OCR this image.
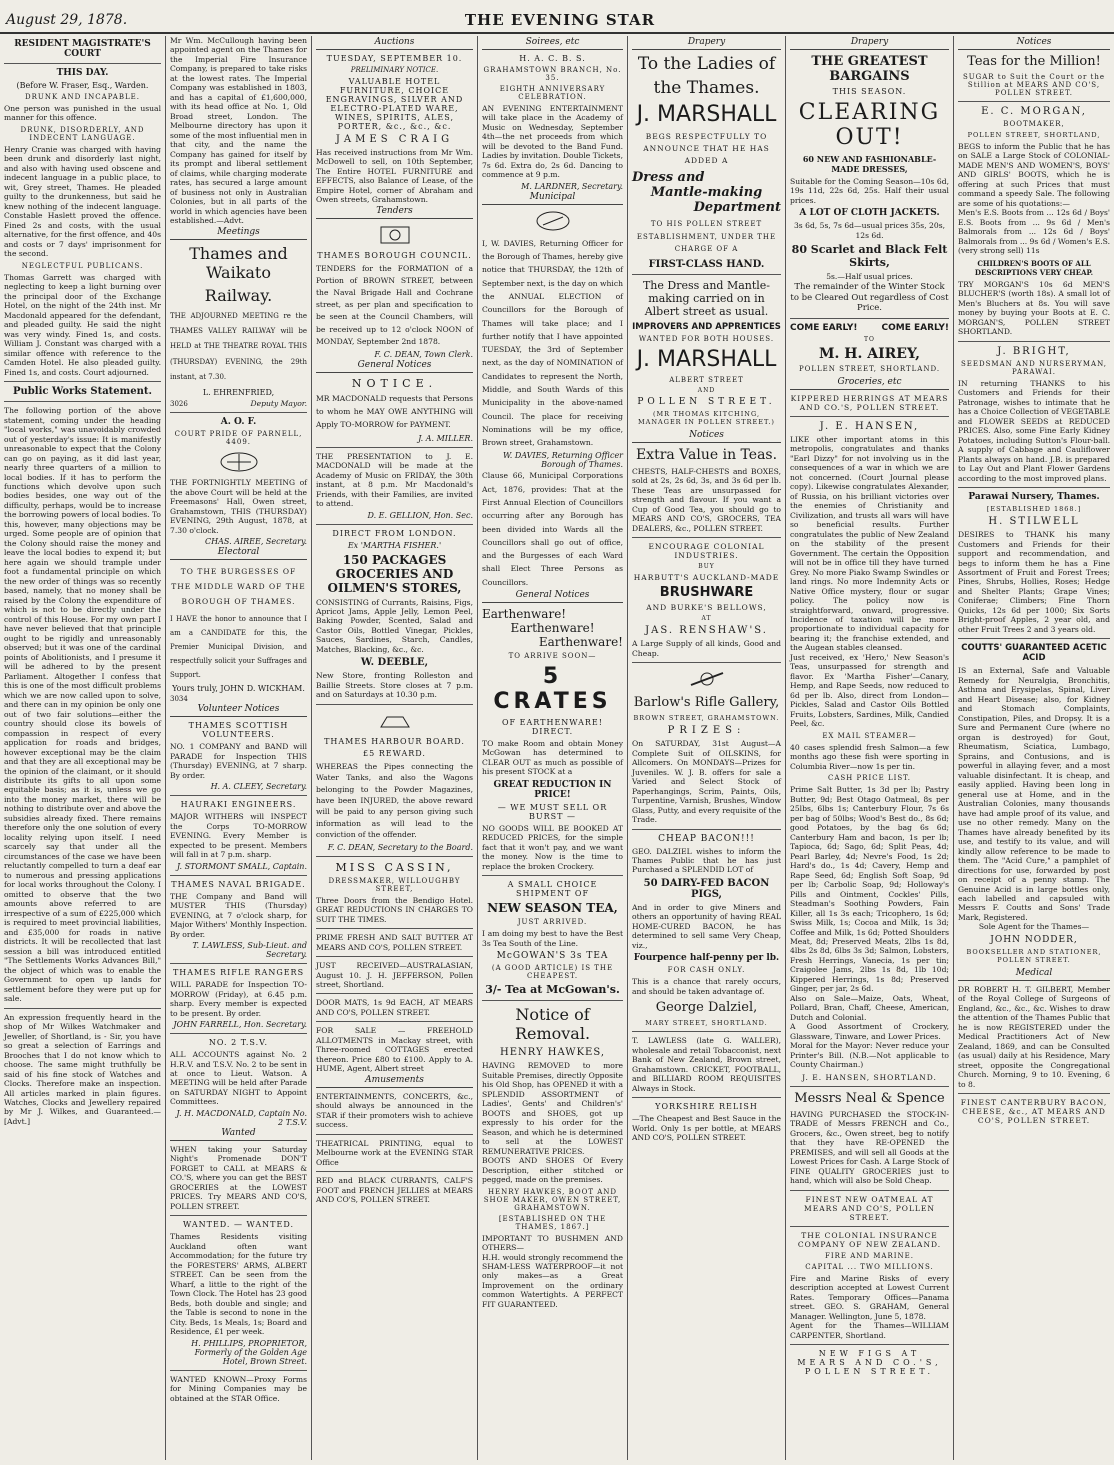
August 29, 1878.	THE EVENING STAR
RESIDENT MAGISTRATE'S COURT
THIS DAY.
(Before W. Fraser, Esq., Warden.
DRUNK AND INCAPABLE.
One person was punished in the usual manner for this offence.
DRUNK, DISORDERLY, AND INDECENT LANGUAGE.
Henry Cranie was charged with having been drunk and disorderly last night, and also with having used obscene and indecent language in a public place, to wit, Grey street, Thames. He pleaded guilty to the drunkenness, but said he knew nothing of the indecent language. Constable Haslett proved the offence. Fined 2s and costs, with the usual alternative, for the first offence, and 40s and costs or 7 days' imprisonment for the second.
NEGLECTFUL PUBLICANS.
Thomas Garrett was charged with neglecting to keep a light burning over the principal door of the Exchange Hotel, on the night of the 24th inst. Mr Macdonald appeared for the defendant, and pleaded guilty. He said the night was very windy. Fined 1s, and costs. William J. Constant was charged with a similar offence with reference to the Camden Hotel. He also pleaded guilty. Fined 1s, and costs. Court adjourned.
Public Works Statement.
The following portion of the above statement, coming under the heading "local works," was unavoidably crowded out of yesterday's issue: It is manifestly unreasonable to expect that the Colony can go on paying, as it did last year, nearly three quarters of a million to local bodies. If it has to perform the functions which devolve upon such bodies besides, one way out of the difficulty, perhaps, would be to increase the borrowing powers of local bodies. To this, however, many objections may be urged. Some people are of opinion that the Colony should raise the money and leave the local bodies to expend it; but here again we should trample under foot a fundamental principle on which the new order of things was so recently based, namely, that no money shall be raised by the Colony the expenditure of which is not to be directly under the control of this House. For my own part I have never believed that that principle ought to be rigidly and unreasonably observed; but it was one of the cardinal points of Abolitionists, and I presume it will be adhered to by the present Parliament. Altogether I confess that this is one of the most difficult problems which we are now called upon to solve, and there can in my opinion be only one out of two fair solutions—either the country should close its bowels of compassion in respect of every application for roads and bridges, however exceptional may be the claim and that they are all exceptional may be the opinion of the claimant, or it should distribute its gifts to all upon some equitable basis; as it is, unless we go into the money market, there will be nothing to distribute over and above the subsidies already fixed. There remains therefore only the one solution of every locality relying upon itself. I need scarcely say that under all the circumstances of the case we have been reluctantly compelled to turn a deaf ear to numerous and pressing applications for local works throughout the Colony. I omitted to observe that the two amounts above referred to are irrespective of a sum of £225,000 which is required to meet provincial liabilities, and £35,000 for roads in native districts. It will be recollected that last session a bill was introduced entitled "The Settlements Works Advances Bill," the object of which was to enable the Government to open up lands for settlement before they were put up for sale.
An expression frequently heard in the shop of Mr Wilkes Watchmaker and Jeweller, of Shortland, is - Sir, you have so great a selection of Earrings and Brooches that I do not know which to choose. The same might truthfully be said of his fine stock of Watches and Clocks. Therefore make an inspection. All articles marked in plain figures. Watches, Clocks and Jewellery repaired by Mr J. Wilkes, and Guaranteed.—[Advt.]
Mr Wm. McCullough having been appointed agent on the Thames for the Imperial Fire Insurance Company, is prepared to take risks at the lowest rates. The Imperial Company was established in 1803, and has a capital of £1,600,000, with its head office at No. 1, Old Broad street, London. The Melbourne directory has upon it some of the most influential men in that city, and the name the Company has gained for itself by its prompt and liberal settlement of claims, while charging moderate rates, has secured a large amount of business not only in Australian Colonies, but in all parts of the world in which agencies have been established.—Advt.
Meetings
Thames and Waikato
Railway.
THE ADJOURNED MEETING re the THAMES VALLEY RAILWAY will be HELD at THE THEATRE ROYAL THIS (THURSDAY) EVENING, the 29th instant, at 7.30.
L. EHRENFRIED,
3026	Deputy Mayor.
A. O. F.
COURT PRIDE OF PARNELL, 4409.
THE FORTNIGHTLY MEETING of the above Court will be held at the Freemasons' Hall, Owen street, Grahamstown, THIS (THURSDAY) EVENING, 29th August, 1878, at 7.30 o'clock.
CHAS. AIREE, Secretary.
Electoral
TO THE BURGESSES OF THE MIDDLE WARD OF THE BOROUGH OF THAMES.
I HAVE the honor to announce that I am a CANDIDATE for this, the Premier Municipal Division, and respectfully solicit your Suffrages and Support.
Yours truly, JOHN D. WICKHAM.
3034
Volunteer Notices
THAMES SCOTTISH VOLUNTEERS.
NO. 1 COMPANY and BAND will PARADE for Inspection THIS (Thursday) EVENING, at 7 sharp. By order.
H. A. CLEEY, Secretary.
HAURAKI ENGINEERS.
MAJOR WITHERS will INSPECT the Corps TO-MORROW EVENING. Every Member is expected to be present. Members will fall in at 7 p.m. sharp.
J. STORMONT SMALL, Captain.
THAMES NAVAL BRIGADE.
THE Company and Band will MUSTER THIS (Thursday) EVENING, at 7 o'clock sharp, for Major Withers' Monthly Inspection. By order.
T. LAWLESS, Sub-Lieut. and Secretary.
THAMES RIFLE RANGERS
WILL PARADE for Inspection TO-MORROW (Friday), at 6.45 p.m. sharp. Every member is expected to be present. By order.
JOHN FARRELL, Hon. Secretary.
NO. 2 T.S.V.
ALL ACCOUNTS against No. 2 H.R.V. and T.S.V. No. 2 to be sent in at once to Lieut. Watson. A MEETING will be held after Parade on SATURDAY NIGHT to Appoint Committees.
J. H. MACDONALD, Captain No. 2 T.S.V.
Wanted
WHEN taking your Saturday Night's Promenade DON'T FORGET to CALL at MEARS & CO.'S, where you can get the BEST GROCERIES at the LOWEST PRICES. Try MEARS AND CO'S, POLLEN STREET.
WANTED. — WANTED.
Thames Residents visiting Auckland often want Accommodation; for the future try the FORESTERS' ARMS, ALBERT STREET. Can be seen from the Wharf, a little to the right of the Town Clock. The Hotel has 23 good Beds, both double and single; and the Table is second to none in the City. Beds, 1s Meals, 1s; Board and Residence, £1 per week.
H. PHILLIPS, PROPRIETOR, Formerly of the Golden Age Hotel, Brown Street.
WANTED KNOWN—Proxy Forms for Mining Companies may be obtained at the STAR Office.
Auctions
TUESDAY, SEPTEMBER 10.
PRELIMINARY NOTICE.
VALUABLE HOTEL FURNITURE, CHOICE ENGRAVINGS, SILVER AND ELECTRO-PLATED WARE, WINES, SPIRITS, ALES, PORTER, &c., &c., &c.
JAMES CRAIG
Has received instructions from Mr Wm. McDowell to sell, on 10th September, The Entire HOTEL FURNITURE and EFFECTS, also Balance of Lease, of the Empire Hotel, corner of Abraham and Owen streets, Grahamstown.
Tenders
THAMES BOROUGH COUNCIL.
TENDERS for the FORMATION of a Portion of BROWN STREET, between the Naval Brigade Hall and Cochrane street, as per plan and specification to be seen at the Council Chambers, will be received up to 12 o'clock NOON of MONDAY, September 2nd 1878.
F. C. DEAN, Town Clerk.
General Notices
NOTICE.
MR MACDONALD requests that Persons to whom he MAY OWE ANYTHING will Apply TO-MORROW for PAYMENT.
J. A. MILLER.
THE PRESENTATION to J. E. MACDONALD will be made at the Academy of Music on FRIDAY, the 30th instant, at 8 p.m. Mr Macdonald's Friends, with their Families, are invited to attend.
D. E. GELLION, Hon. Sec.
DIRECT FROM LONDON.
Ex 'MARTHA FISHER.'
150 PACKAGES GROCERIES AND OILMEN'S STORES,
CONSISTING of Currants, Raisins, Figs, Apricot Jams, Apple Jelly, Lemon Peel, Baking Powder, Scented, Salad and Castor Oils, Bottled Vinegar, Pickles, Sauces, Sardines, Starch, Candles, Matches, Blacking, &c., &c.
W. DEEBLE,
New Store, fronting Rolleston and Baillie Streets. Store closes at 7 p.m. and on Saturdays at 10.30 p.m.
THAMES HARBOUR BOARD.
£5 REWARD.
WHEREAS the Pipes connecting the Water Tanks, and also the Wagons belonging to the Powder Magazines, have been INJURED, the above reward will be paid to any person giving such information as will lead to the conviction of the offender.
F. C. DEAN, Secretary to the Board.
MISS CASSIN,
DRESSMAKER, WILLOUGHBY STREET,
Three Doors from the Bendigo Hotel. GREAT REDUCTIONS IN CHARGES TO SUIT THE TIMES.
PRIME FRESH AND SALT BUTTER AT MEARS AND CO'S, POLLEN STREET.
JUST RECEIVED—AUSTRALASIAN, August 10. J. H. JEFFERSON, Pollen street, Shortland.
DOOR MATS, 1s 9d EACH, AT MEARS AND CO'S, POLLEN STREET.
FOR SALE — FREEHOLD ALLOTMENTS in Mackay street, with Three-roomed COTTAGES erected thereon. Price £80 to £100. Apply to A. HUME, Agent, Albert street
Amusements
ENTERTAINMENTS, CONCERTS, &c., should always be announced in the STAR if their promoters wish to achieve success.
THEATRICAL PRINTING, equal to Melbourne work at the EVENING STAR Office
RED and BLACK CURRANTS, CALF'S FOOT and FRENCH JELLIES at MEARS AND CO'S, POLLEN STREET.
Soirees, etc
H. A. C. B. S.
GRAHAMSTOWN BRANCH, No. 35.
EIGHTH ANNIVERSARY CELEBRATION.
AN EVENING ENTERTAINMENT will take place in the Academy of Music on Wednesday, September 4th—the net proceeds from which will be devoted to the Band Fund. Ladies by invitation. Double Tickets, 7s 6d. Extra do, 2s 6d. Dancing to commence at 9 p.m.
M. LARDNER, Secretary.
Municipal
I, W. DAVIES, Returning Officer for the Borough of Thames, hereby give notice that THURSDAY, the 12th of September next, is the day on which the ANNUAL ELECTION of Councillors for the Borough of Thames will take place; and I further notify that I have appointed TUESDAY, the 3rd of September next, as the day of NOMINATION of Candidates to represent the North, Middle, and South Wards of this Municipality in the above-named Council. The place for receiving Nominations will be my office, Brown street, Grahamstown.
W. DAVIES, Returning Officer Borough of Thames.
Clause 66, Municipal Corporations Act, 1876, provides: That at the First Annual Election of Councillors occurring after any Borough has been divided into Wards all the Councillors shall go out of office, and the Burgesses of each Ward shall Elect Three Persons as Councillors.
General Notices
Earthenware!
Earthenware!
Earthenware!
TO ARRIVE SOON—
5 CRATES
OF EARTHENWARE! DIRECT.
TO make Room and obtain Money McGowan has determined to CLEAR OUT as much as possible of his present STOCK at a
GREAT REDUCTION IN PRICE!
— WE MUST SELL OR BURST —
NO GOODS WILL BE BOOKED AT REDUCED PRICES, for the simple fact that it won't pay, and we want the money. Now is the time to replace the broken Crockery.
A SMALL CHOICE SHIPMENT OF
NEW SEASON TEA,
JUST ARRIVED.
I am doing my best to have the Best 3s Tea South of the Line.
McGOWAN'S 3s TEA
(A GOOD ARTICLE) IS THE CHEAPEST.
3/- Tea at McGowan's.
Notice of Removal.
HENRY HAWKES,
HAVING REMOVED to more Suitable Premises, directly Opposite his Old Shop, has OPENED it with a SPLENDID ASSORTMENT of Ladies', Gents' and Children's' BOOTS and SHOES, got up expressly to his order for the Season, and which he is determined to sell at the LOWEST REMUNERATIVE PRICES.
BOOTS AND SHOES Of Every Description, either stitched or pegged, made on the premises.
HENRY HAWKES, BOOT AND SHOE MAKER, OWEN STREET, GRAHAMSTOWN.
[ESTABLISHED ON THE THAMES, 1867.]
IMPORTANT TO BUSHMEN AND OTHERS—
H.H. would strongly recommend the SHAM-LESS WATERPROOF—it not only makes—as a Great Improvement on the ordinary common Watertights. A PERFECT FIT GUARANTEED.
Drapery
To the Ladies of
the Thames.
J. MARSHALL
BEGS RESPECTFULLY TO ANNOUNCE THAT HE HAS ADDED A
Dress and
Mantle-making
Department
TO HIS POLLEN STREET ESTABLISHMENT, UNDER THE CHARGE OF A
FIRST-CLASS HAND.
The Dress and Mantle-making carried on in Albert street as usual.
IMPROVERS AND APPRENTICES
WANTED FOR BOTH HOUSES.
J. MARSHALL
ALBERT STREET
AND
POLLEN STREET.
(MR THOMAS KITCHING, MANAGER IN POLLEN STREET.)
Notices
Extra Value in Teas.
CHESTS, HALF-CHESTS and BOXES, sold at 2s, 2s 6d, 3s, and 3s 6d per lb. These Teas are unsurpassed for strength and flavour. If you want a Cup of Good Tea, you should go to MEARS AND CO'S, GROCERS, TEA DEALERS, &c., POLLEN STREET.
ENCOURAGE COLONIAL INDUSTRIES.
BUY
HARBUTT'S AUCKLAND-MADE
BRUSHWARE
AND BURKE'S BELLOWS,
AT
JAS. RENSHAW'S.
A Large Supply of all kinds, Good and Cheap.
Barlow's Rifle Gallery,
BROWN STREET, GRAHAMSTOWN.
PRIZES:
On SATURDAY, 31st August—A Complete Suit of OILSKINS, for Allcomers. On MONDAYS—Prizes for Juveniles. W. J. B. offers for sale a Varied and Select Stock of Paperhangings, Scrim, Paints, Oils, Turpentine, Varnish, Brushes, Window Glass, Putty, and every requisite of the Trade.
CHEAP BACON!!!
GEO. DALZIEL wishes to inform the Thames Public that he has just Purchased a SPLENDID LOT of
50 DAIRY-FED BACON PIGS,
And in order to give Miners and others an opportunity of having REAL HOME-CURED BACON, he has determined to sell same Very Cheap, viz.,
Fourpence half-penny per lb.
FOR CASH ONLY.
This is a chance that rarely occurs, and should be taken advantage of.
George Dalziel,
MARY STREET, SHORTLAND.
T. LAWLESS (late G. WALLER), wholesale and retail Tobacconist, next Bank of New Zealand, Brown street, Grahamstown. CRICKET, FOOTBALL, and BILLIARD ROOM REQUISITES Always in Stock.
YORKSHIRE RELISH
—The Cheapest and Best Sauce in the World. Only 1s per bottle, at MEARS AND CO'S, POLLEN STREET.
Drapery
THE GREATEST BARGAINS
THIS SEASON.
CLEARING OUT!
60 NEW AND FASHIONABLE-MADE DRESSES,
Suitable for the Coming Season—10s 6d, 19s 11d, 22s 6d, 25s. Half their usual prices.
A LOT OF CLOTH JACKETS.
3s 6d, 5s, 7s 6d—usual prices 35s, 20s, 12s 6d.
80 Scarlet and Black Felt Skirts,
5s.—Half usual prices.
The remainder of the Winter Stock to be Cleared Out regardless of Cost Price.
COME EARLY!	COME EARLY!
TO
M. H. AIREY,
POLLEN STREET, SHORTLAND.
Groceries, etc
KIPPERED HERRINGS AT MEARS AND CO.'S, POLLEN STREET.
J. E. HANSEN,
LIKE other important atoms in this metropolis, congratulates and thanks "Earl Dizzy" for not involving us in the consequences of a war in which we are not concerned. (Court Journal please copy). Likewise congratulates Alexander, of Russia, on his brilliant victories over the enemies of Christianity and Civilization, and trusts all wars will have so beneficial results. Further congratulates the public of New Zealand on the stability of the present Government. The certain the Opposition will not be in office till they have turned Grey. No more Piako Swamp Swindles or land rings. No more Indemnity Acts or Native Office mystery, flour or sugar policy. The policy now is straightforward, onward, progressive. Incidence of taxation will be more proportionate to individual capacity for bearing it; the franchise extended, and the Augean stables cleansed.
Just received, ex 'Hero,' New Season's Teas, unsurpassed for strength and flavor. Ex 'Martha Fisher'—Canary, Hemp, and Rape Seeds, now reduced to 6d per lb. Also, direct from London—Pickles, Salad and Castor Oils Bottled Fruits, Lobsters, Sardines, Milk, Candied Peel, &c.
EX MAIL STEAMER—
40 cases splendid fresh Salmon—a few months ago these fish were sporting in Columbia River—now 1s per tin.
CASH PRICE LIST.
Prime Salt Butter, 1s 3d per lb; Pastry Butter, 9d; Best Otago Oatmeal, 8s per 25lbs, 6lbs 1s; Canterbury Flour, 7s 6s per bag of 50lbs; Wood's Best do., 8s 6d; good Potatoes, by the bag 6s 6d; Canterbury Ham and bacon, 1s per lb; Tapioca, 6d; Sago, 6d; Split Peas, 4d; Pearl Barley, 4d; Nevre's Food, 1s 2d; Hard's do., 1s 4d; Cavery, Hemp and Rape Seed, 6d; English Soft Soap, 9d per lb; Carbolic Soap, 9d; Holloway's Pills and Ointment, Cockles' Pills, Steadman's Soothing Powders, Fain Killer, all 1s 3s each; Tricophero, 1s 6d; Swiss Milk, 1s; Cocoa and Milk, 1s 3d; Coffee and Milk, 1s 6d; Potted Shoulders Meat, 8d; Preserved Meats, 2lbs 1s 8d, 4lbs 2s 8d, 6lbs 3s 3d; Salmon, Lobsters, Fresh Herrings, Vanecia, 1s per tin; Craigolee Jams, 2lbs 1s 8d, 1lb 10d; Kippered Herrings, 1s 8d; Preserved Ginger, per jar, 2s 6d.
Also on Sale—Maize, Oats, Wheat, Pollard, Bran, Chaff, Cheese, American, Dutch and Colonial.
A Good Assortment of Crockery, Glassware, Tinware, and Lower Prices.
Moral for the Mayor: Never reduce your Printer's Bill. (N.B.—Not applicable to County Chairman.)
J. E. HANSEN, SHORTLAND.
Messrs Neal & Spence
HAVING PURCHASED the STOCK-IN-TRADE of Messrs FRENCH and Co., Grocers, &c., Owen street, beg to notify that they have RE-OPENED the PREMISES, and will sell all Goods at the Lowest Prices for Cash. A Large Stock of FINE QUALITY GROCERIES just to hand, which will also be Sold Cheap.
FINEST NEW OATMEAL AT MEARS AND CO'S, POLLEN STREET.
THE COLONIAL INSURANCE COMPANY OF NEW ZEALAND.
FIRE AND MARINE.
CAPITAL ... TWO MILLIONS.
Fire and Marine Risks of every description accepted at Lowest Current Rates. Temporary Offices—Panama street. GEO. S. GRAHAM, General Manager. Wellington, June 5, 1878.
Agent for the Thames—WILLIAM CARPENTER, Shortland.
NEW FIGS AT MEARS AND CO.'S, POLLEN STREET.
Notices
Teas for the Million!
SUGAR to Suit the Court or the Stillion at MEARS AND CO'S, POLLEN STREET.
E. C. MORGAN,
BOOTMAKER,
POLLEN STREET, SHORTLAND,
BEGS to inform the Public that he has on SALE a Large Stock of COLONIAL-MADE MEN'S AND WOMEN'S, BOYS' AND GIRLS' BOOTS, which he is offering at such Prices that must command a speedy Sale. The following are some of his quotations:—
Men's E.S. Boots from ... 12s 6d / Boys' E.S. Boots from ... 9s 6d / Men's Balmorals from ... 12s 6d / Boys' Balmorals from ... 9s 6d / Women's E.S. (very strong sell) 11s
CHILDREN'S BOOTS OF ALL DESCRIPTIONS VERY CHEAP.
TRY MORGAN'S 10s 6d MEN'S BLUCHER'S (worth 18s). A small lot of Men's Bluchers at 8s. You will save money by buying your Boots at E. C. MORGAN'S, POLLEN STREET SHORTLAND.
J. BRIGHT,
SEEDSMAN AND NURSERYMAN, PARAWAI.
IN returning THANKS to his Customers and Friends for their Patronage, wishes to intimate that he has a Choice Collection of VEGETABLE and FLOWER SEEDS at REDUCED PRICES. Also, some Fine Early Kidney Potatoes, including Sutton's Flour-ball. A supply of Cabbage and Cauliflower Plants always on hand. J.B. is prepared to Lay Out and Plant Flower Gardens according to the most improved plans.
Parawai Nursery, Thames.
[ESTABLISHED 1868.]
H. STILWELL
DESIRES to THANK his many Customers and Friends for their support and recommendation, and begs to inform them he has a Fine Assortment of Fruit and Forest Trees; Pines, Shrubs, Hollies, Roses; Hedge and Shelter Plants; Grape Vines; Coniferae; Climbers; Fine Thorn Quicks, 12s 6d per 1000; Six Sorts Bright-proof Apples, 2 year old, and other Fruit Trees 2 and 3 years old.
COUTTS' GUARANTEED ACETIC ACID
IS an External, Safe and Valuable Remedy for Neuralgia, Bronchitis, Asthma and Erysipelas, Spinal, Liver and Heart Disease; also, for Kidney and Stomach Complaints, Constipation, Piles, and Dropsy. It is a Sure and Permanent Cure (where no organ is destroyed) for Gout, Rheumatism, Sciatica, Lumbago, Sprains, and Contusions, and is powerful in allaying fever, and a most valuable disinfectant. It is cheap, and easily applied. Having been long in general use at Home, and in the Australian Colonies, many thousands have had ample proof of its value, and use no other remedy. Many on the Thames have already benefited by its use, and testify to its value, and will kindly allow reference to be made to them. The "Acid Cure," a pamphlet of directions for use, forwarded by post on receipt of a penny stamp. The Genuine Acid is in large bottles only, each labelled and capsuled with Messrs F. Coutts and Sons' Trade Mark, Registered.
Sole Agent for the Thames—
JOHN NODDER,
BOOKSELLER AND STATIONER, POLLEN STREET.
Medical
DR ROBERT H. T. GILBERT, Member of the Royal College of Surgeons of England, &c., &c., &c. Wishes to draw the attention of the Thames Public that he is now REGISTERED under the Medical Practitioners Act of New Zealand, 1869, and can be Consulted (as usual) daily at his Residence, Mary street, opposite the Congregational Church. Morning, 9 to 10. Evening, 6 to 8.
FINEST CANTERBURY BACON, CHEESE, &c., AT MEARS AND CO'S, POLLEN STREET.
